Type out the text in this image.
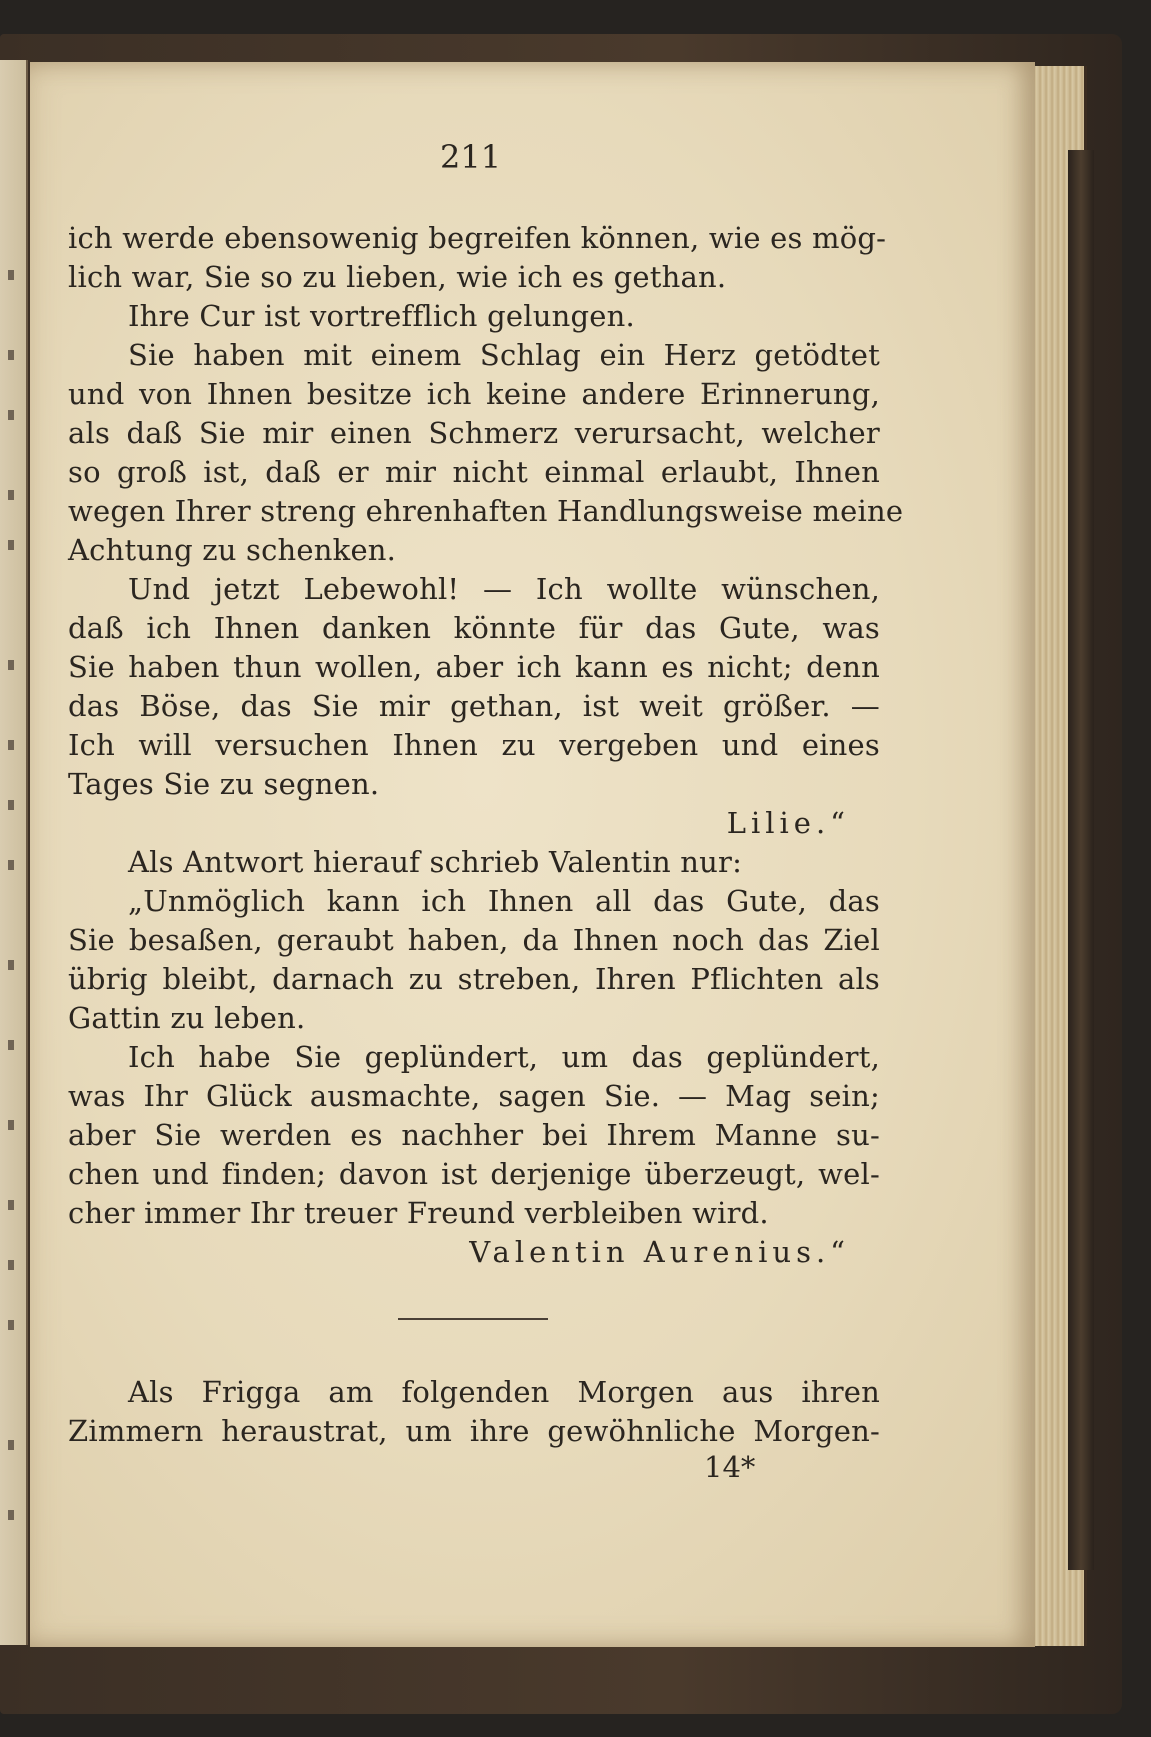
211
ich werde ebensowenig begreifen können, wie es mög-
lich war, Sie so zu lieben, wie ich es gethan.
Ihre Cur ist vortrefflich gelungen.
Sie haben mit einem Schlag ein Herz getödtet
und von Ihnen besitze ich keine andere Erinnerung,
als daß Sie mir einen Schmerz verursacht, welcher
so groß ist, daß er mir nicht einmal erlaubt, Ihnen
wegen Ihrer streng ehrenhaften Handlungsweise meine
Achtung zu schenken.
Und jetzt Lebewohl! — Ich wollte wünschen,
daß ich Ihnen danken könnte für das Gute, was
Sie haben thun wollen, aber ich kann es nicht; denn
das Böse, das Sie mir gethan, ist weit größer. —
Ich will versuchen Ihnen zu vergeben und eines
Tages Sie zu segnen.
Lilie.“
Als Antwort hierauf schrieb Valentin nur:
„Unmöglich kann ich Ihnen all das Gute, das
Sie besaßen, geraubt haben, da Ihnen noch das Ziel
übrig bleibt, darnach zu streben, Ihren Pflichten als
Gattin zu leben.
Ich habe Sie geplündert, um das geplündert,
was Ihr Glück ausmachte, sagen Sie. — Mag sein;
aber Sie werden es nachher bei Ihrem Manne su-
chen und finden; davon ist derjenige überzeugt, wel-
cher immer Ihr treuer Freund verbleiben wird.
Valentin Aurenius.“
Als Frigga am folgenden Morgen aus ihren
Zimmern heraustrat, um ihre gewöhnliche Morgen-
14*
